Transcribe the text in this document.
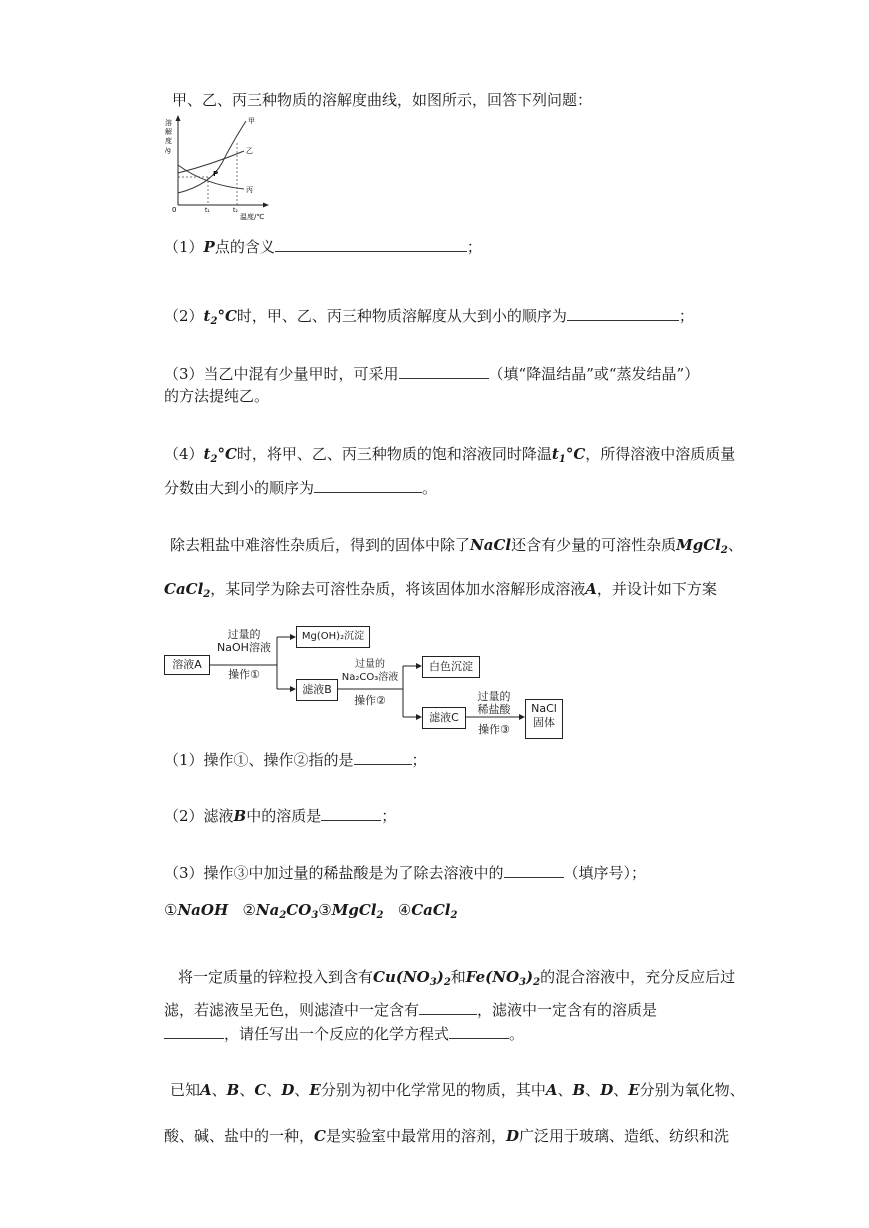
甲、乙、丙三种物质的溶解度曲线，如图所示，回答下列问题：
溶
解
度
/g
甲
乙
丙
P
0	t₁	t₂
温度/℃
（1）P点的含义	；
$(2)t_2^\circ C$时，甲、乙、丙三种物质溶解度从大到小的顺序为	；
（3）当乙中混有少量甲时，可采用	（填“降温结晶”或“蒸发结晶”）
的方法提纯乙。
$(4)t_2^\circ C$时，将甲、乙、丙三种物质的饱和溶液同时降温$t_1^\circ C$，所得溶液中溶质质量
分数由大到小的顺序为	。
除去粗盐中难溶性杂质后，得到的固体中除了NaCl还含有少量的可溶性杂质MgCl$_2$、
CaCl$_2$，某同学为除去可溶性杂质，将该固体加水溶解形成溶液A，并设计如下方案
溶液A
过量的
NaOH溶液
操作①
Mg(OH)₂沉淀
滤液B
过量的
Na₂CO₃溶液
操作②
白色沉淀
滤液C
过量的
稀盐酸
操作③
NaCl
固体
（1）操作①、操作②指的是	；
（2）滤液B中的溶质是	；
（3）操作③中加过量的稀盐酸是为了除去溶液中的	（填序号）；
①NaOH $②Na_2CO_3③MgCl_2$ ④CaCl$_2$
将一定质量的锌粒投入到含有$Cu(NO_3)_2$和$Fe(NO_3)_2$的混合溶液中，充分反应后过
滤，若滤液呈无色，则滤渣中一定含有	，滤液中一定含有的溶质是
，请任写出一个反应的化学方程式	。
已知A、B、C、D、E分别为初中化学常见的物质，其中A、B、D、E分别为氧化物、
酸、碱、盐中的一种，C是实验室中最常用的溶剂，D广泛用于玻璃、造纸、纺织和洗
